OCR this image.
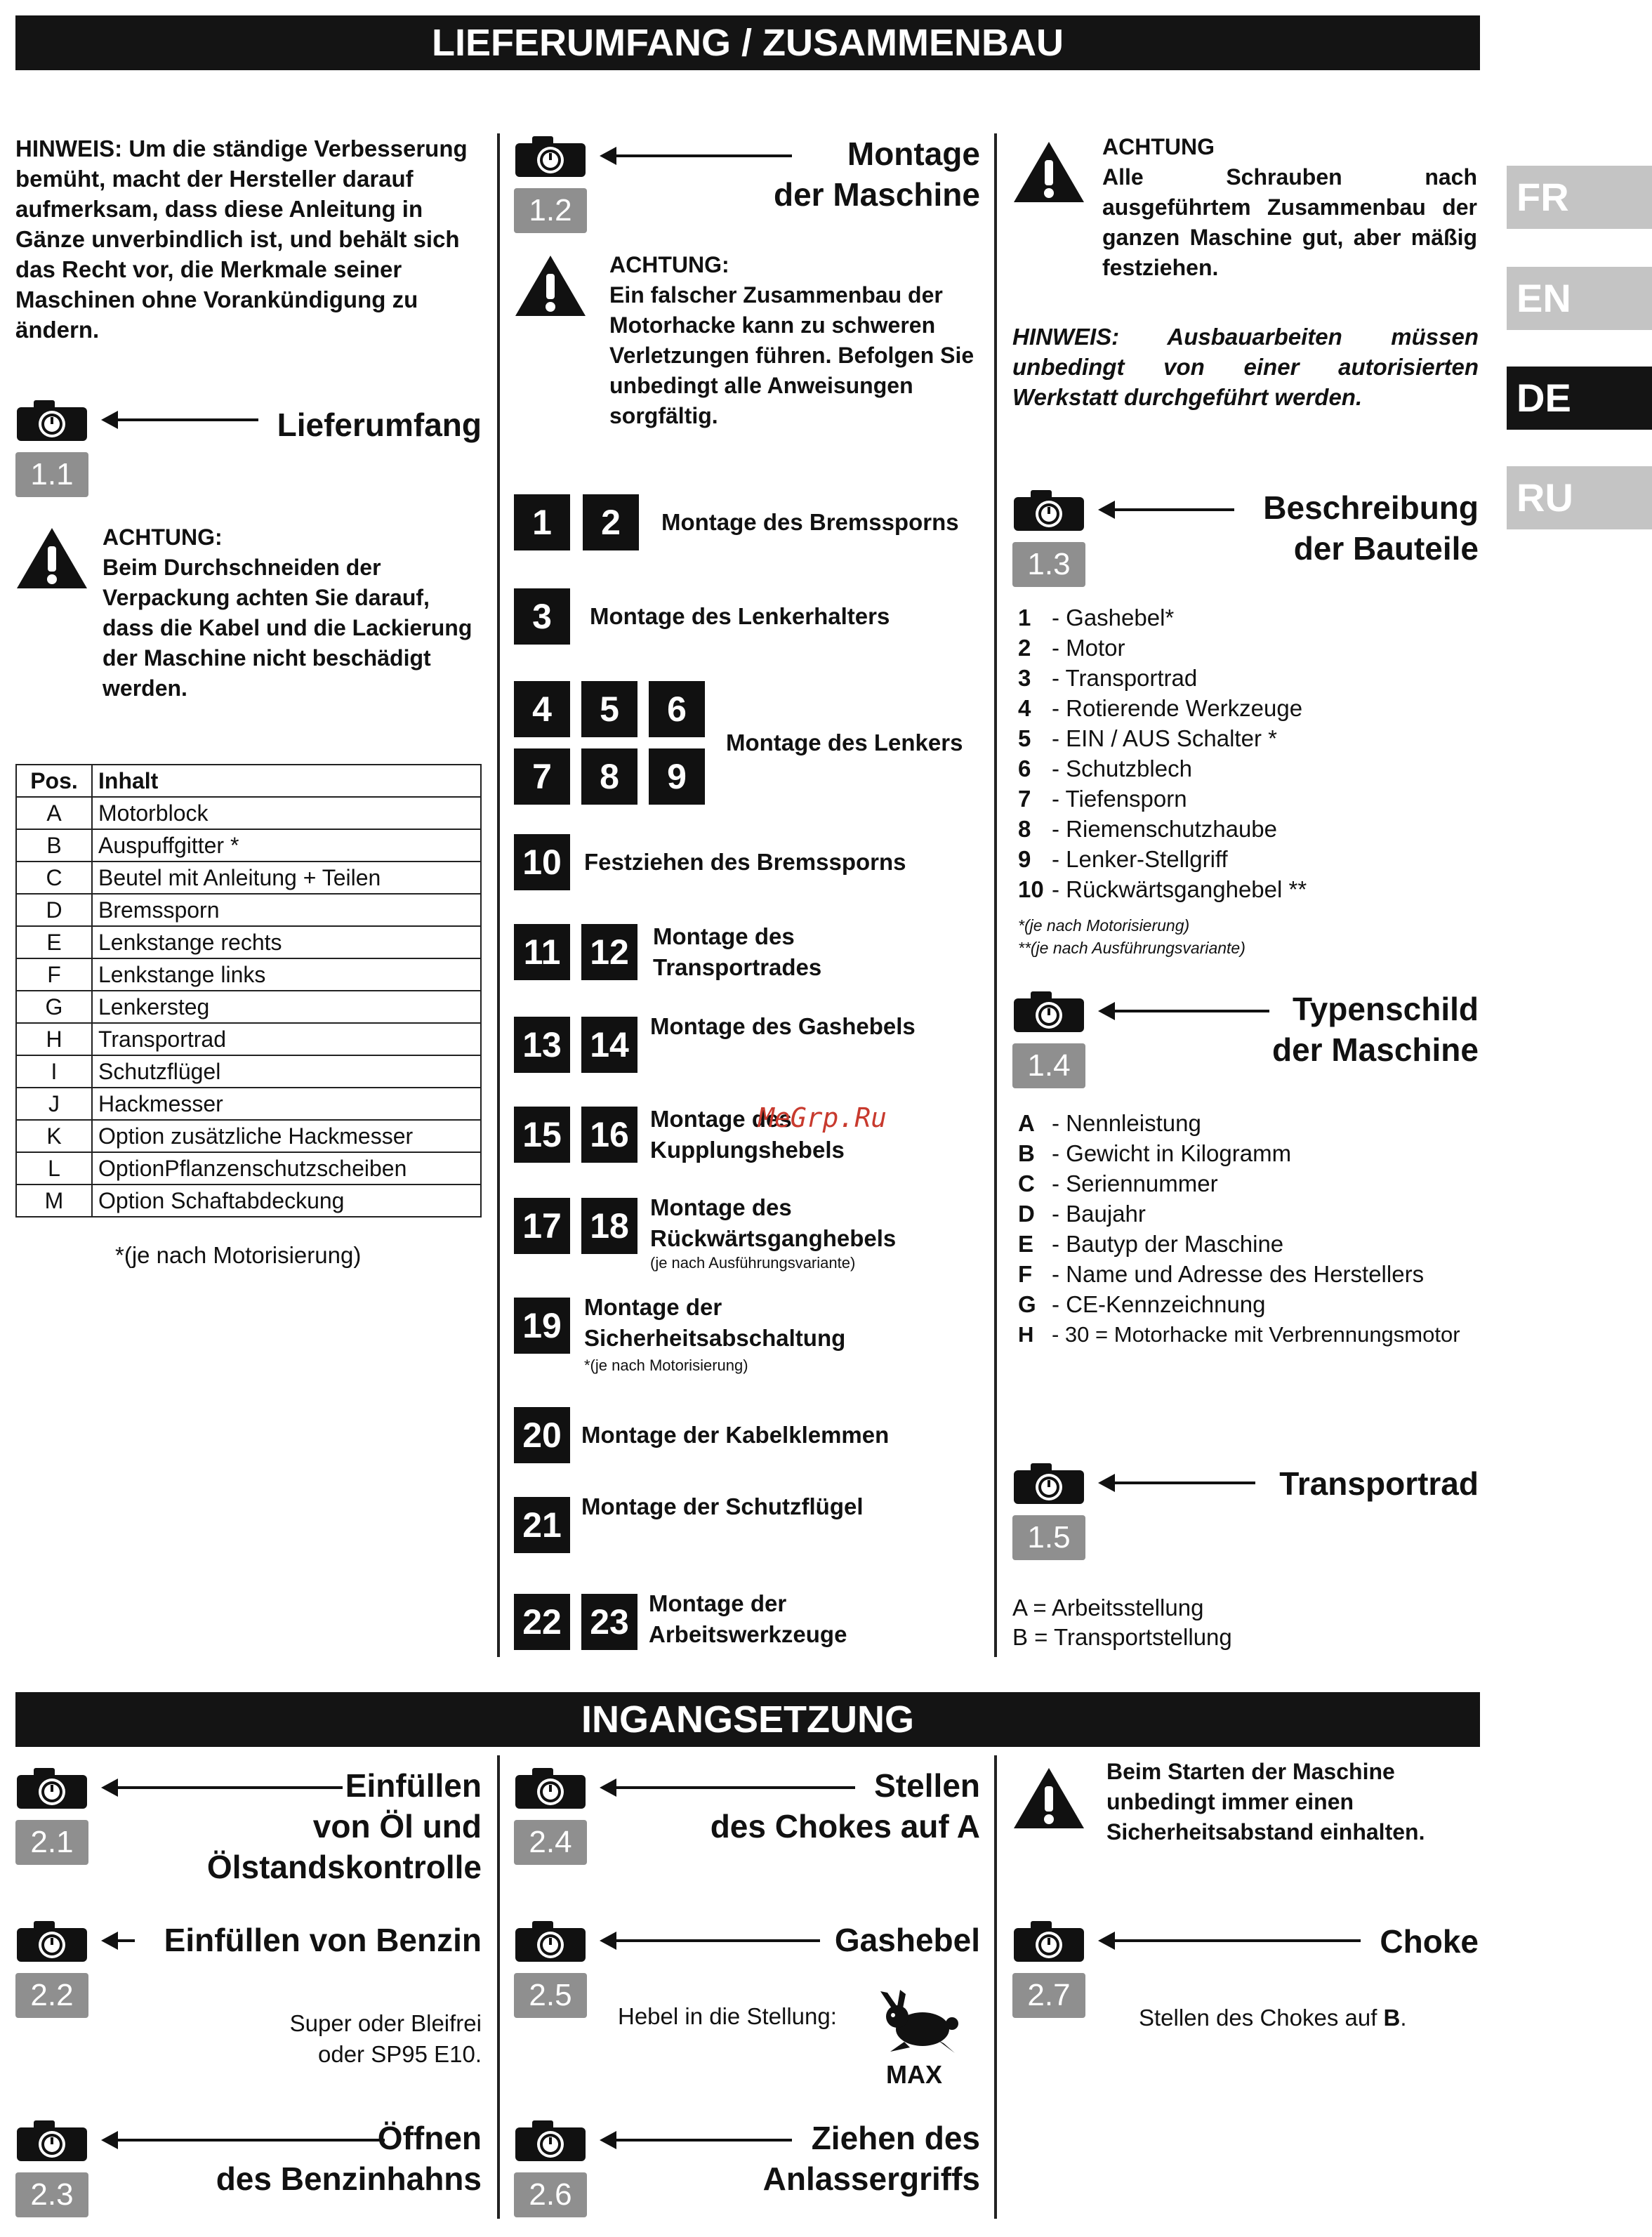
LIEFERUMFANG / ZUSAMMENBAU
FR
EN
DE
RU
HINWEIS: Um die ständige Verbesserung bemüht, macht der Hersteller darauf aufmerksam, dass diese Anleitung in Gänze unverbindlich ist, und behält sich das Recht vor, die Merkmale seiner Maschinen ohne Vorankündigung zu ändern.
1.1
Lieferumfang
ACHTUNG:
Beim Durchschneiden der Verpackung achten Sie darauf, dass die Kabel und die Lackierung der Maschine nicht beschädigt werden.
Pos.	Inhalt
A	Motorblock
B	Auspuffgitter *
C	Beutel mit Anleitung + Teilen
D	Bremssporn
E	Lenkstange rechts
F	Lenkstange links
G	Lenkersteg
H	Transportrad
I	Schutzflügel
J	Hackmesser
K	Option zusätzliche Hackmesser
L	OptionPflanzenschutzscheiben
M	Option Schaftabdeckung
*(je nach Motorisierung)
1.2
Montage
der Maschine
ACHTUNG:
Ein falscher Zusammenbau der Motorhacke kann zu schweren Verletzungen führen. Befolgen Sie unbedingt alle Anweisungen sorgfältig.
1	2	Montage des Bremssporns
3	Montage des Lenkerhalters
4	5	6
7	8	9
Montage des Lenkers
10 Festziehen des Bremssporns
11 12	Montage des
Transportrades
13 14 Montage des Gashebels
15 16 Montage des
Kupplungshebels
17 18 Montage des
Rückwärtsganghebels
(je nach Ausführungsvariante)
19 Montage der
Sicherheitsabschaltung
*(je nach Motorisierung)
20 Montage der Kabelklemmen
21 Montage der Schutzflügel
22 23 Montage der
Arbeitswerkzeuge
MeGrp.Ru
ACHTUNG
Alle Schrauben nach ausgeführtem Zusammenbau der ganzen Maschine gut, aber mäßig festziehen.
HINWEIS: Ausbauarbeiten müssen unbedingt von einer autorisierten Werkstatt durchgeführt werden.
1.3
Beschreibung
der Bauteile
1 - Gashebel*
2 - Motor
3 - Transportrad
4 - Rotierende Werkzeuge
5 - EIN / AUS Schalter *
6 - Schutzblech
7 - Tiefensporn
8 - Riemenschutzhaube
9 - Lenker-Stellgriff
10 - Rückwärtsganghebel **
*(je nach Motorisierung)
**(je nach Ausführungsvariante)
1.4
Typenschild
der Maschine
A - Nennleistung
B - Gewicht in Kilogramm
C - Seriennummer
D - Baujahr
E - Bautyp der Maschine
F - Name und Adresse des Herstellers
G - CE-Kennzeichnung
H - 30 = Motorhacke mit Verbrennungsmotor
1.5
Transportrad
A = Arbeitsstellung
B = Transportstellung
INGANGSETZUNG
2.1
Einfüllen
von Öl und
Ölstandskontrolle
2.2
Einfüllen von Benzin
Super oder Bleifrei
oder SP95 E10.
2.3
Öffnen
des Benzinhahns
2.4
Stellen
des Chokes auf A
2.5
Gashebel
Hebel in die Stellung:
MAX
2.6
Ziehen des
Anlassergriffs
Beim Starten der Maschine unbedingt immer einen Sicherheitsabstand einhalten.
2.7
Choke
Stellen des Chokes auf B.
